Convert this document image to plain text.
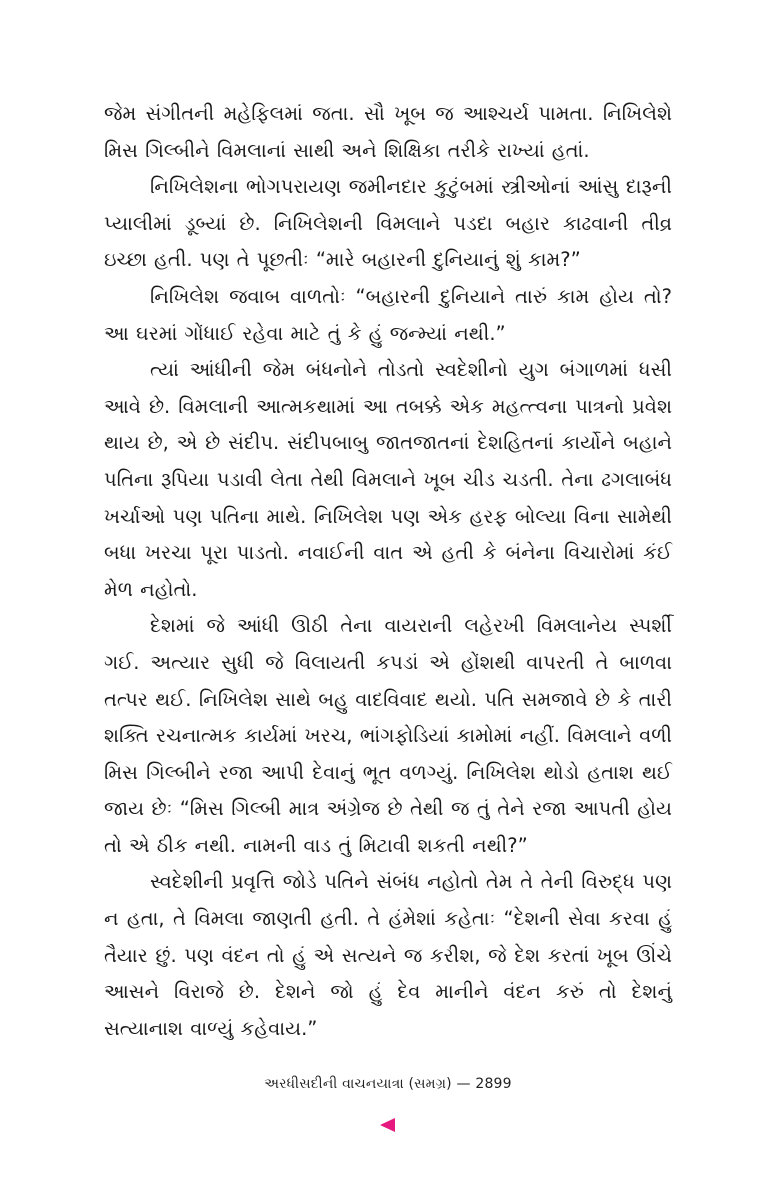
જેમ સંગીતની મહેફિલમાં જતા. સૌ ખૂબ જ આશ્ચર્ય પામતા. નિખિલેશે મિસ ગિલ્બીને વિમલાનાં સાથી અને શિક્ષિકા તરીકે રાખ્યાં હતાં.

નિખિલેશના ભોગપરાયણ જમીનદાર કુટુંબમાં સ્ત્રીઓનાં આંસુ દારૂની પ્યાલીમાં ડૂબ્યાં છે. નિખિલેશની વિમલાને પડદા બહાર કાઢવાની તીવ્ર ઇચ્છા હતી. પણ તે પૂછતીઃ “મારે બહારની દુનિયાનું શું કામ?”

નિખિલેશ જવાબ વાળતોઃ “બહારની દુનિયાને તારું કામ હોય તો? આ ઘરમાં ગોંધાઈ રહેવા માટે તું કે હું જન્મ્યાં નથી.”

ત્યાં આંધીની જેમ બંધનોને તોડતો સ્વદેશીનો યુગ બંગાળમાં ધસી આવે છે. વિમલાની આત્મકથામાં આ તબક્કે એક મહત્ત્વના પાત્રનો પ્રવેશ થાય છે, એ છે સંદીપ. સંદીપબાબુ જાતજાતનાં દેશહિતનાં કાર્યોને બહાને પતિના રૂપિયા પડાવી લેતા તેથી વિમલાને ખૂબ ચીડ ચડતી. તેના ઢગલાબંધ ખર્ચાઓ પણ પતિના માથે. નિખિલેશ પણ એક હરફ બોલ્યા વિના સામેથી બધા ખરચા પૂરા પાડતો. નવાઈની વાત એ હતી કે બંનેના વિચારોમાં કંઈ મેળ નહોતો.

દેશમાં જે આંધી ઊઠી તેના વાયરાની લહેરખી વિમલાનેય સ્પર્શી ગઈ. અત્યાર સુધી જે વિલાયતી કપડાં એ હોંશથી વાપરતી તે બાળવા તત્પર થઈ. નિખિલેશ સાથે બહુ વાદવિવાદ થયો. પતિ સમજાવે છે કે તારી શક્તિ રચનાત્મક કાર્યમાં ખરચ, ભાંગફોડિયાં કામોમાં નહીં. વિમલાને વળી મિસ ગિલ્બીને રજા આપી દેવાનું ભૂત વળગ્યું. નિખિલેશ થોડો હતાશ થઈ જાય છેઃ “મિસ ગિલ્બી માત્ર અંગ્રેજ છે તેથી જ તું તેને રજા આપતી હોય તો એ ઠીક નથી. નામની વાડ તું મિટાવી શકતી નથી?”

સ્વદેશીની પ્રવૃત્તિ જોડે પતિને સંબંધ નહોતો તેમ તે તેની વિરુદ્ધ પણ ન હતા, તે વિમલા જાણતી હતી. તે હંમેશાં કહેતાઃ “દેશની સેવા કરવા હું તૈયાર છું. પણ વંદન તો હું એ સત્યને જ કરીશ, જે દેશ કરતાં ખૂબ ઊંચે આસને વિરાજે છે. દેશને જો હું દેવ માનીને વંદન કરું તો દેશનું સત્યાનાશ વાળ્યું કહેવાય.”

અરધીસદીની વાચનયાત્રા (સમગ્ર) — 2899
